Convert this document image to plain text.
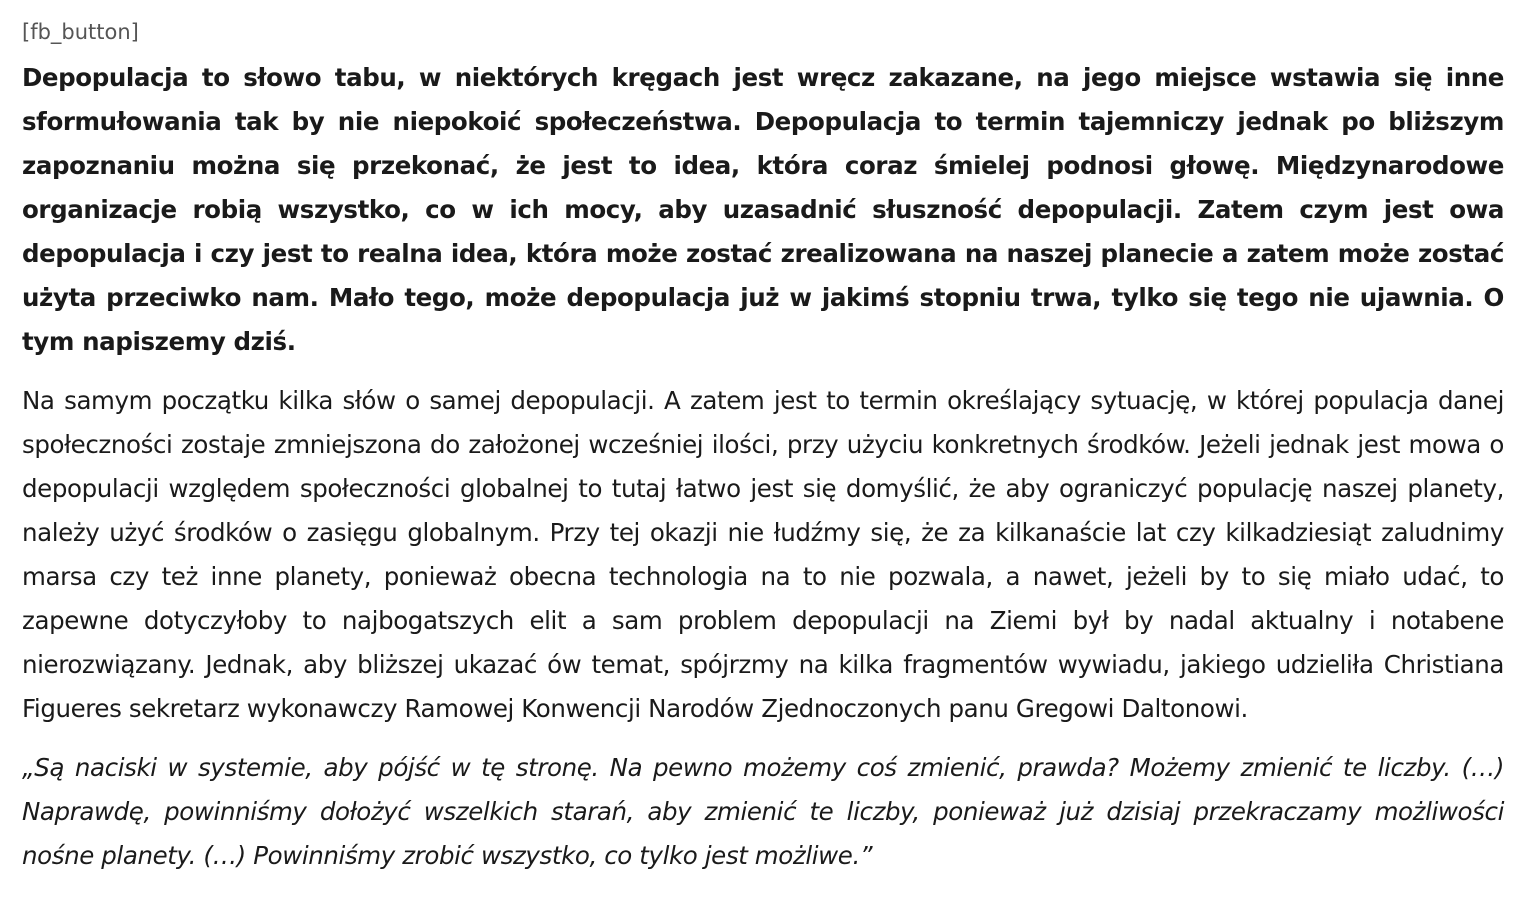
[fb_button]

Depopulacja to słowo tabu, w niektórych kręgach jest wręcz zakazane, na jego miejsce wstawia się inne sformułowania tak by nie niepokoić społeczeństwa. Depopulacja to termin tajemniczy jednak po bliższym zapoznaniu można się przekonać, że jest to idea, która coraz śmielej podnosi głowę. Międzynarodowe organizacje robią wszystko, co w ich mocy, aby uzasadnić słuszność depopulacji. Zatem czym jest owa depopulacja i czy jest to realna idea, która może zostać zrealizowana na naszej planecie a zatem może zostać użyta przeciwko nam. Mało tego, może depopulacja już w jakimś stopniu trwa, tylko się tego nie ujawnia. O tym napiszemy dziś.

Na samym początku kilka słów o samej depopulacji. A zatem jest to termin określający sytuację, w której populacja danej społeczności zostaje zmniejszona do założonej wcześniej ilości, przy użyciu konkretnych środków. Jeżeli jednak jest mowa o depopulacji względem społeczności globalnej to tutaj łatwo jest się domyślić, że aby ograniczyć populację naszej planety, należy użyć środków o zasięgu globalnym. Przy tej okazji nie łudźmy się, że za kilkanaście lat czy kilkadziesiąt zaludnimy marsa czy też inne planety, ponieważ obecna technologia na to nie pozwala, a nawet, jeżeli by to się miało udać, to zapewne dotyczyłoby to najbogatszych elit a sam problem depopulacji na Ziemi był by nadal aktualny i notabene nierozwiązany. Jednak, aby bliższej ukazać ów temat, spójrzmy na kilka fragmentów wywiadu, jakiego udzieliła Christiana Figueres sekretarz wykonawczy Ramowej Konwencji Narodów Zjednoczonych panu Gregowi Daltonowi.

„Są naciski w systemie, aby pójść w tę stronę. Na pewno możemy coś zmienić, prawda? Możemy zmienić te liczby. (…) Naprawdę, powinniśmy dołożyć wszelkich starań, aby zmienić te liczby, ponieważ już dzisiaj przekraczamy możliwości nośne planety. (…) Powinniśmy zrobić wszystko, co tylko jest możliwe.”
